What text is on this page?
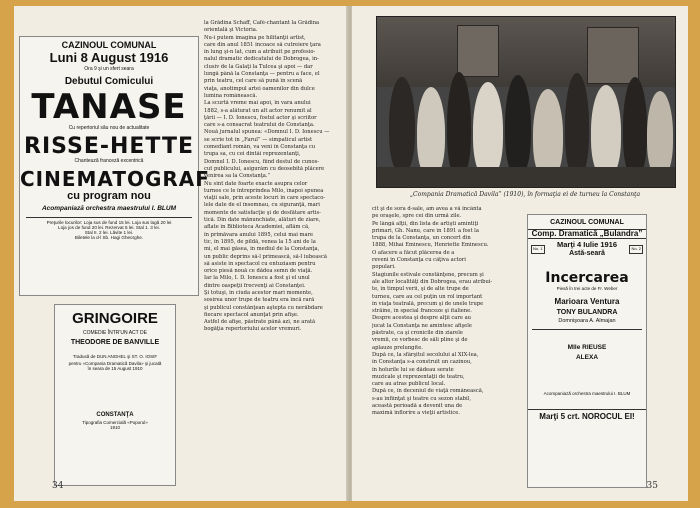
CAZINOUL COMUNAL
Luni 8 August 1916
Ora 9 şi un sfert seara
Debutul Comicului
TANASE
Cu repertoriul său nou de actualitate
RISSE-HETTE
Chanteuză franceză excentrică
CINEMATOGRAF
cu program nou
Acompaniază orchestra maestrului I. BLUM
Preţurile locurilor: Loja sus de fund 15 lei. Loja sus lagă 20 lei
Loja jos de fund 20 lei. Rezervat 5 lei. Stal 1. 3 lei.
Stal II. 2 lei. Lăvite 1 lei.
Biletele la d-l Sb. Hagi Gheorghe.
GRINGOIRE
COMEDIE ÎNTR'UN ACT DE
THEODORE DE BANVILLE
Tradusă de DUN ANGHEL şi ST. O. IOSIF
pentru «Compania Dramatică Davila» şi jucată
în seara de 15 August 1910
CONSTANŢA
Tipografia Comercială «Poporul»
1910
la Grădina Schaff, Café-chantant la Grădina
orientală şi Victoria.
Nu-i putem imagina pe hilitanţii artist,
care din anul 1851 încoace să cutreiere ţara
în lung şi-n lat, cum a atribuit pe profesio-
nalul dramatic dedicatului de Dobrogea, in-
clusiv de la Galaţi la Tulcea şi apoi — dar
lungă până la Constanţa — pentru a face, el
prin teatru, cel care să pună în scenă
viaţa, anotimpul artei oamenilor din dulce
lumina românească.
La scurtă vreme mai apoi, în vara anului
1882, s-a alăturat un alt actor renumit al
ţării — I. D. Ionescu, fostul actor şi scriitor
care s-a consacrat teatrului de Constanţa.
Nouă jurnalul spunea: «Domnul I. D. Ionescu —
se scrie tot în „Farul” — simpaticul artist
comediant român, va veni în Constanţa cu
trupa sa, cu cei dintâi reprezentanţi,
Domnul I. D. Ionescu, fiind destul de cunos-
cut publicului, asigurăm cu deosebită plăcere
venirea sa la Constanţa.”
Nu sînt date foarte exacte asupra celor
turnee ce le întreprindea Milo, înapoi spunea
viaţii sale, prin aceste locuri în care spectaco-
lele date de el însemnau, cu siguranţă, mari
momente de satisfacţie şi de desfătare artis-
tică. Din date mănunchiate, alături de ziare,
aflate în Biblioteca Academiei, aflăm că,
în primăvara anului 1895, celui mai mare
tic, în 1895, de pildă, venea la 15 ani de la
mi, el mai găsea, în mediul de la Constanţa,
un public deprins să-l primească, să-l iubească
să asiste în spectacol cu entuziasm pentru
orice piesă nouă ce dădea semn de viaţă.
Iar la Milo, I. D. Ionescu a fost şi el unul
dintre oaspeţii frecvenţi ai Constanţei.
Şi totuşi, în ciuda acestor mari momente,
sosirea unor trupe de teatru era încă rară
şi publicul constănţean aştepta cu nerăbdare
fiecare spectacol anunţat prin afişe.
Astfel de afişe, păstrate până azi, ne arată
bogăţia repertoriului acelor vremuri.
34
„Compania Dramatică Davila” (1910), în formaţia ei de turneu la Constanţa
cit şi de sora d-sale, am avea a vă încânta
pe oraşele, spre cei din urmă zile.
Pe lângă alţii, din lista de artişti amintiţi
primari, Gh. Nanu, care în 1891 a fost la
trupa de la Constanţa, un concert din
1888, Mihai Eminescu, Henriette Eminescu.
O afacere a făcut plăcerea de a
reveni în Constanţa cu câţiva actori
populari.
Stagiunile estivale constănţene, precum şi
ale altor localităţi din Dobrogea, erau atribui-
te, în timpul verii, şi de alte trupe de
turneu, care au cel puţin un rol important
în viaţa teatrală, precum şi de unele trupe
străine, în special franceze şi italiene.
Despre acestea şi despre alţii care au
jucat la Constanţa ne amintesc afişele
păstrate, ca şi cronicile din ziarele
vremii, ce vorbesc de săli pline şi de
aplauze prelungite.
După ce, la sfârşitul secolului al XIX-lea,
în Constanţa s-a construit un cazinou,
în holurile lui se dădeau serate
muzicale şi reprezentaţii de teatru,
care au atras publicul local.
După ce, în deceniul de viaţă românească,
s-au înfiinţat şi teatre cu sezon stabil,
această perioadă a devenit una de
maximă înflorire a vieţii artistice.
CAZINOUL COMUNAL
Comp. Dramatică „Bulandra”
No. 1	No. 2
Marţi 4 Iulie 1916
Astă-seară
Incercarea
Piesă în trei acte de Fr. Weber
Marioara Ventura
TONY BULANDRA
Domnişoara A. Almajan
Mlle RIEUSE
ALEXA
Acompaniază orchestra maestrului I. BLUM
Marţi 5 crt. NOROCUL EI!
35
